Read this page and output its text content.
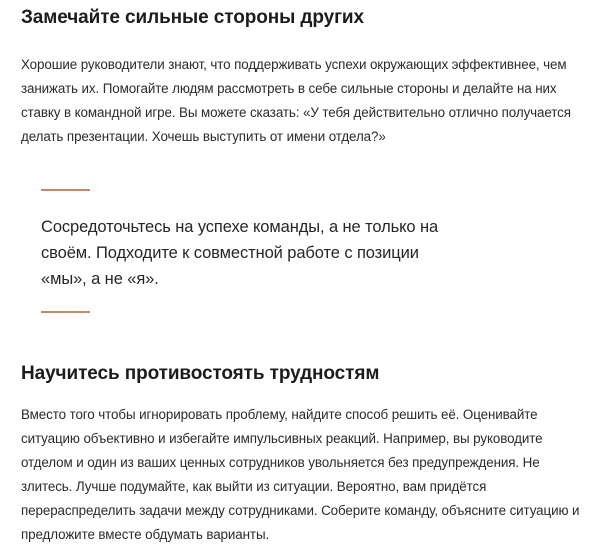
Замечайте сильные стороны других

Хорошие руководители знают, что поддерживать успехи окружающих эффективнее, чем занижать их. Помогайте людям рассмотреть в себе сильные стороны и делайте на них ставку в командной игре. Вы можете сказать: «У тебя действительно отлично получается делать презентации. Хочешь выступить от имени отдела?»

Сосредоточьтесь на успехе команды, а не только на своём. Подходите к совместной работе с позиции «мы», а не «я».

Научитесь противостоять трудностям

Вместо того чтобы игнорировать проблему, найдите способ решить её. Оценивайте ситуацию объективно и избегайте импульсивных реакций. Например, вы руководите отделом и один из ваших ценных сотрудников увольняется без предупреждения. Не злитесь. Лучше подумайте, как выйти из ситуации. Вероятно, вам придётся перераспределить задачи между сотрудниками. Соберите команду, объясните ситуацию и предложите вместе обдумать варианты.
